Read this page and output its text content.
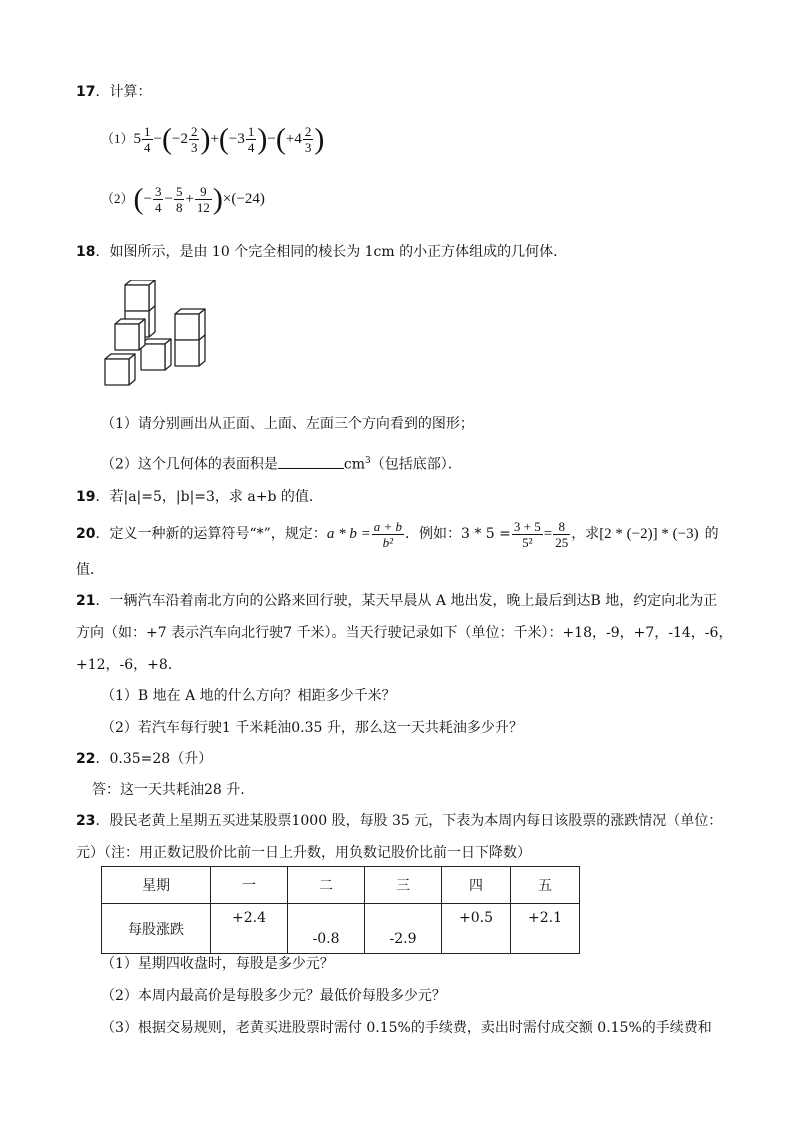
17．计算：
$(1)5 \frac{1}{4} -(-2 \frac{2}{3} )+(-3 \frac{1}{4} )-(+4 \frac{2}{3}$ )
$(2)(- \frac{3}{4} - \frac{5}{8} + \frac{9}{12} )\times(-24)$
18．如图所示，是由 10 个完全相同的棱长为 1cm 的小正方体组成的几何体．
（1）请分别画出从正面、上面、左面三个方向看到的图形；
（2）这个几何体的表面积是	$cm^3$（包括底部）．
19．若|a|=5，|b|=3，求 a+b 的值．
20．定义一种新的运算符号“*”，规定：$a * b = \frac{a + b}{\text{b²}}$ ．例如：$3 * 5 = \frac{3 + 5}{\text{5²}} = \frac{8}{25}$ ，求[2 * (−2)] * (−3) 的
值．
21．一辆汽车沿着南北方向的公路来回行驶，某天早晨从 A 地出发，晚上最后到达B 地，约定向北为正
方向（如：+7 表示汽车向北行驶7 千米）。当天行驶记录如下（单位：千米）：+18，-9，+7，-14，-6，
+12，-6，+8．
（1）B 地在 A 地的什么方向？相距多少千米？
（2）若汽车每行驶1 千米耗油0.35 升，那么这一天共耗油多少升？
22．0.35=28（升）
答：这一天共耗油28 升.
23．股民老黄上星期五买进某股票1000 股，每股 35 元，下表为本周内每日该股票的涨跌情况（单位：
元）（注：用正数记股价比前一日上升数，用负数记股价比前一日下降数）
星期	一	二	三	四	五
每股涨跌	+2.4	-0.8	-2.9	+0.5	+2.1
（1）星期四收盘时，每股是多少元？
（2）本周内最高价是每股多少元？最低价每股多少元？
（3）根据交易规则，老黄买进股票时需付 0.15%的手续费，卖出时需付成交额 0.15%的手续费和
